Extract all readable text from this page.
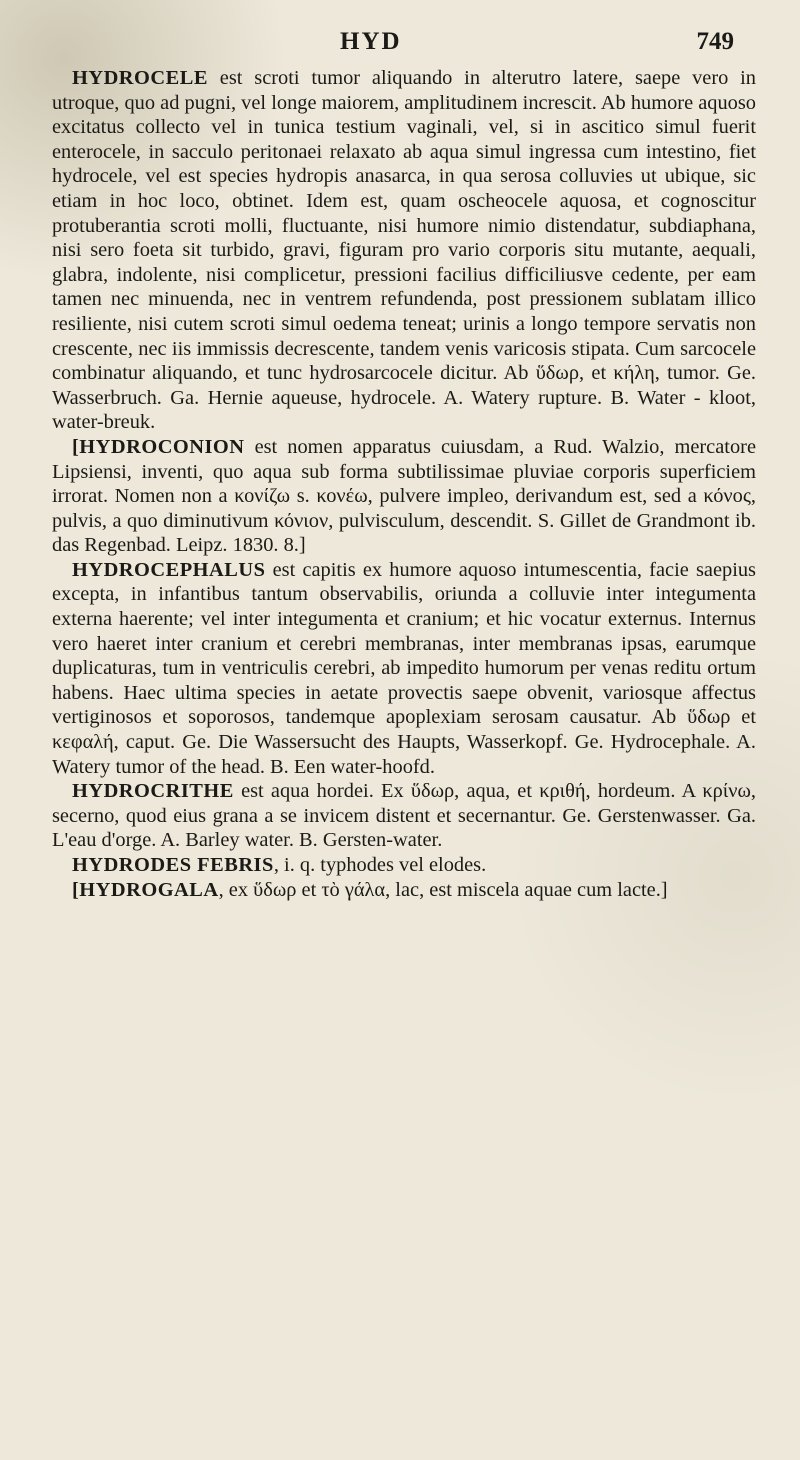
HYD	749

HYDROCELE est scroti tumor aliquando in alterutro latere, saepe vero in utroque, quo ad pugni, vel longe maiorem, amplitudinem increscit. Ab humore aquoso excitatus collecto vel in tunica testium vaginali, vel, si in ascitico simul fuerit enterocele, in sacculo peritonaei relaxato ab aqua simul ingressa cum intestino, fiet hydrocele, vel est species hydropis anasarca, in qua serosa colluvies ut ubique, sic etiam in hoc loco, obtinet. Idem est, quam oscheocele aquosa, et cognoscitur protuberantia scroti molli, fluctuante, nisi humore nimio distendatur, subdiaphana, nisi sero foeta sit turbido, gravi, figuram pro vario corporis situ mutante, aequali, glabra, indolente, nisi complicetur, pressioni facilius difficiliusve cedente, per eam tamen nec minuenda, nec in ventrem refundenda, post pressionem sublatam illico resiliente, nisi cutem scroti simul oedema teneat; urinis a longo tempore servatis non crescente, nec iis immissis decrescente, tandem venis varicosis stipata. Cum sarcocele combinatur aliquando, et tunc hydrosarcocele dicitur. Ab ὕδωρ, et κήλη, tumor. Ge. Wasserbruch. Ga. Hernie aqueuse, hydrocele. A. Watery rupture. B. Water - kloot, water-breuk.

[HYDROCONION est nomen apparatus cuiusdam, a Rud. Walzio, mercatore Lipsiensi, inventi, quo aqua sub forma subtilissimae pluviae corporis superficiem irrorat. Nomen non a κονίζω s. κονέω, pulvere impleo, derivandum est, sed a κόνος, pulvis, a quo diminutivum κόνιον, pulvisculum, descendit. S. Gillet de Grandmont ib. das Regenbad. Leipz. 1830. 8.]

HYDROCEPHALUS est capitis ex humore aquoso intumescentia, facie saepius excepta, in infantibus tantum observabilis, oriunda a colluvie inter integumenta externa haerente; vel inter integumenta et cranium; et hic vocatur externus. Internus vero haeret inter cranium et cerebri membranas, inter membranas ipsas, earumque duplicaturas, tum in ventriculis cerebri, ab impedito humorum per venas reditu ortum habens. Haec ultima species in aetate provectis saepe obvenit, variosque affectus vertiginosos et soporosos, tandemque apoplexiam serosam causatur. Ab ὕδωρ et κεφαλή, caput. Ge. Die Wassersucht des Haupts, Wasserkopf. Ge. Hydrocephale. A. Watery tumor of the head. B. Een water-hoofd.

HYDROCRITHE est aqua hordei. Ex ὕδωρ, aqua, et κριθή, hordeum. A κρίνω, secerno, quod eius grana a se invicem distent et secernantur. Ge. Gerstenwasser. Ga. L'eau d'orge. A. Barley water. B. Gersten-water.

HYDRODES FEBRIS, i. q. typhodes vel elodes.

[HYDROGALA, ex ὕδωρ et τὸ γάλα, lac, est miscela aquae cum lacte.]
